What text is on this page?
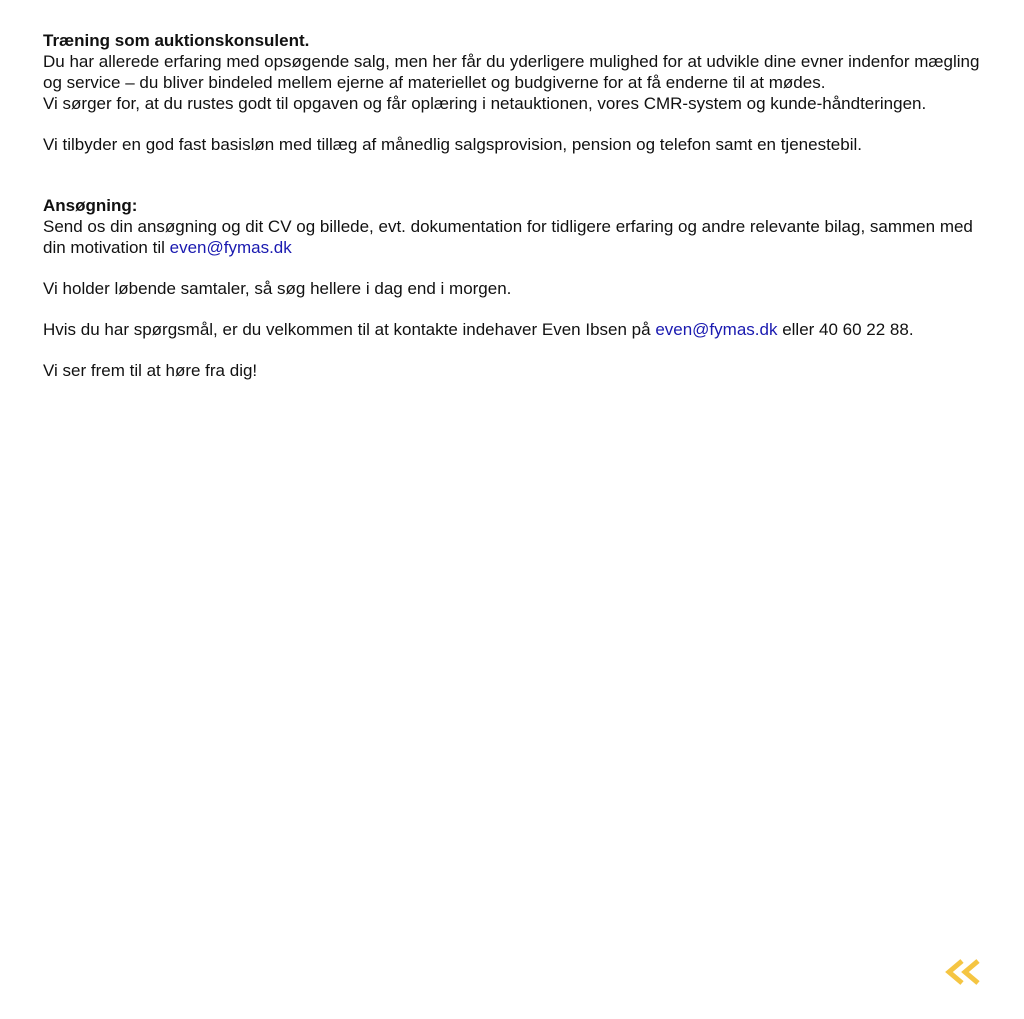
Træning som auktionskonsulent.

Du har allerede erfaring med opsøgende salg, men her får du yderligere mulighed for at udvikle dine evner indenfor mægling og service – du bliver bindeled mellem ejerne af materiellet og budgiverne for at få enderne til at mødes.

Vi sørger for, at du rustes godt til opgaven og får oplæring i netauktionen, vores CMR-system og kunde-håndteringen.

Vi tilbyder en god fast basisløn med tillæg af månedlig salgsprovision, pension og telefon samt en tjenestebil.

Ansøgning:

Send os din ansøgning og dit CV og billede, evt. dokumentation for tidligere erfaring og andre relevante bilag, sammen med din motivation til even@fymas.dk

Vi holder løbende samtaler, så søg hellere i dag end i morgen.

Hvis du har spørgsmål, er du velkommen til at kontakte indehaver Even Ibsen på even@fymas.dk eller 40 60 22 88.

Vi ser frem til at høre fra dig!
